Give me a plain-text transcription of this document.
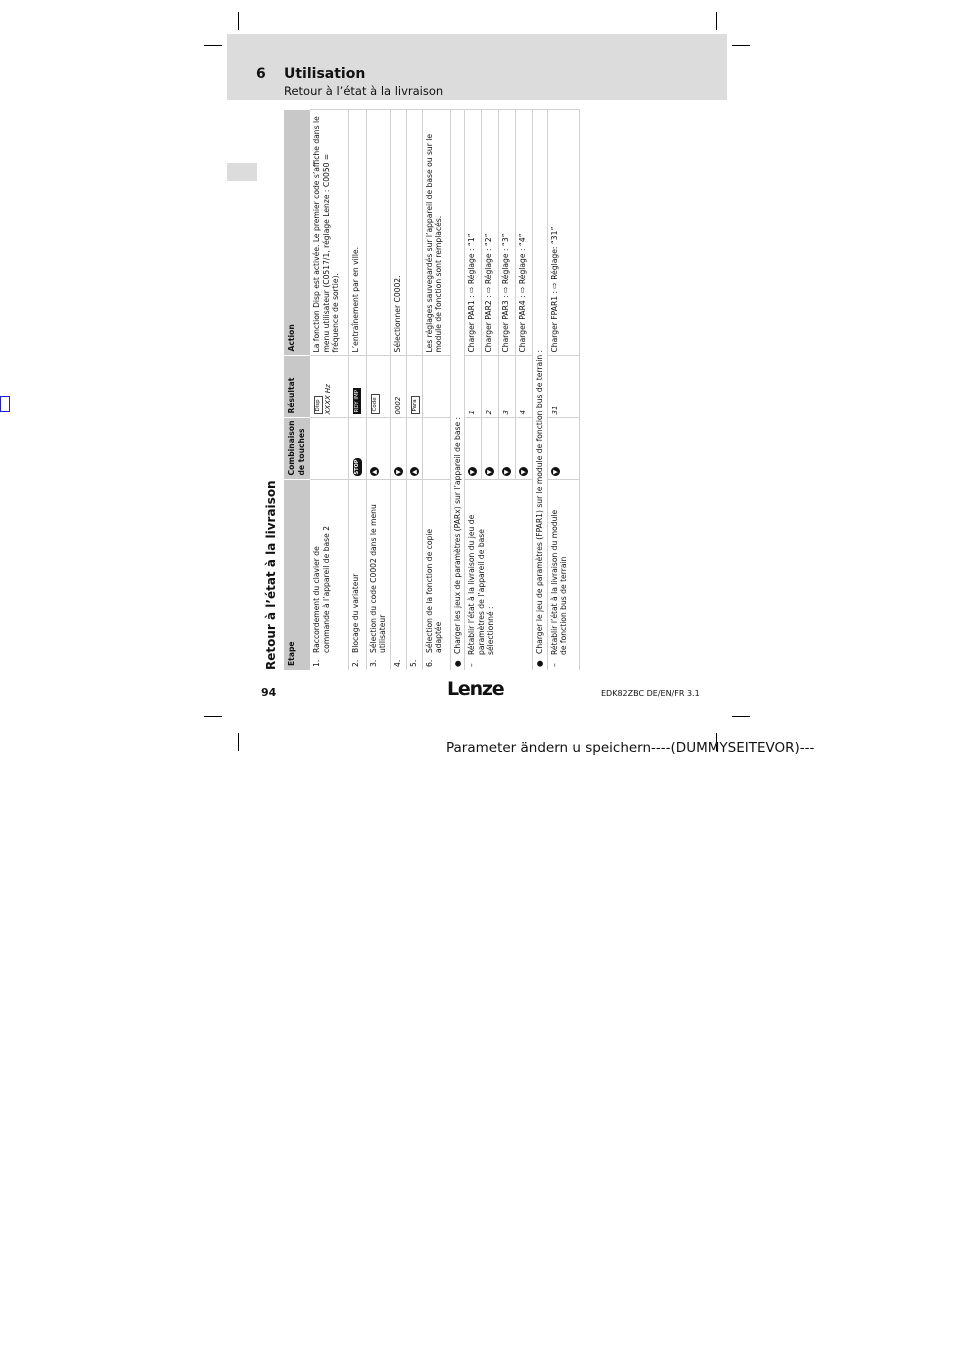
6 Utilisation
Retour à l’état à la livraison
Retour à l’état à la livraison Etape	Combinaison de touches	Résultat	Action
1.Raccordement du clavier de commande à l’appareil de base 2		Disp XXXX Hz	La fonction Disp est activée. Le premier code s’affiche dans le menu utilisateur (C0517/1, réglage Lenze : C0050 = fréquence de sortie).
2.Blocage du variateur	STOP	RDY IMP	L’entraînement par en ville.
3.Sélection du code C0002 dans le menu utilisateur	▲	Code	
4.	▼	0002	Sélectionner C0002.
5.	▲	Para	
6.Sélection de la fonction de copie adaptée			Les réglages sauvegardés sur l’appareil de base ou sur le module de fonction sont remplacés.
● Charger les jeux de paramètres (PARx) sur l’appareil de base :			
–Rétablir l’état à la livraison du jeu de paramètres de l’appareil de base sélectionné :	▼	1	Charger PAR1 : ⇨ Réglage : “1”
	▼	2	Charger PAR2 : ⇨ Réglage : “2”
	▼	3	Charger PAR3 : ⇨ Réglage : “3”
	▼	4	Charger PAR4 : ⇨ Réglage : “4”
● Charger le jeu de paramètres (FPAR1) sur le module de fonction bus de terrain :			
–Rétablir l’état à la livraison du module de fonction bus de terrain	▼	31	Charger FPAR1 : ⇨ Réglage: “31”
94	Lenze	EDK82ZBC DE/EN/FR 3.1
Parameter ändern u speichern----(DUMMYSEITEVOR)---
